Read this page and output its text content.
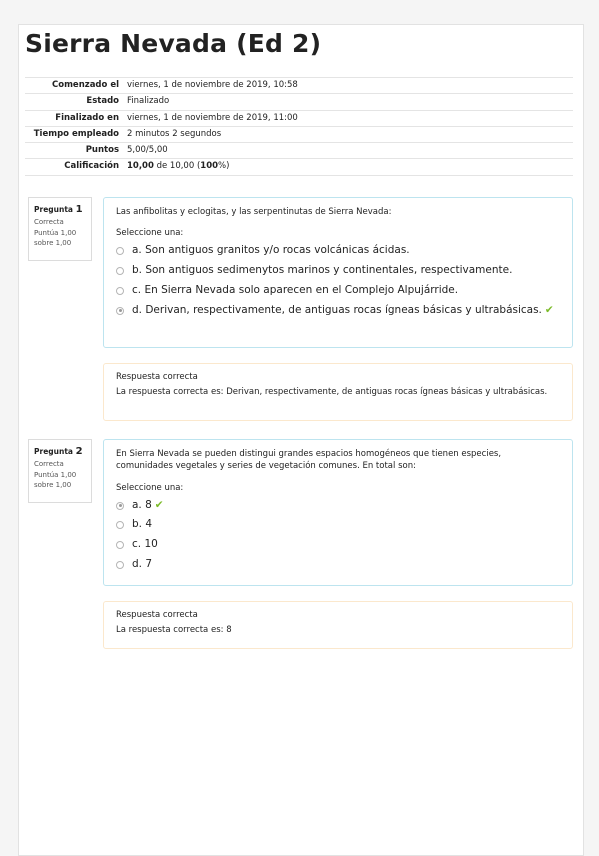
Sierra Nevada (Ed 2)
Comenzado el viernes, 1 de noviembre de 2019, 10:58
Estado Finalizado
Finalizado en viernes, 1 de noviembre de 2019, 11:00
Tiempo empleado 2 minutos 2 segundos
Puntos 5,00/5,00
Calificación 10,00 de 10,00 (100%)
Pregunta 1
Correcta
Puntúa 1,00 sobre 1,00
Las anfibolitas y eclogitas, y las serpentinutas de Sierra Nevada:
Seleccione una:
a. Son antiguos granitos y/o rocas volcánicas ácidas.
b. Son antiguos sedimenytos marinos y continentales, respectivamente.
c. En Sierra Nevada solo aparecen en el Complejo Alpujárride.
d. Derivan, respectivamente, de antiguas rocas ígneas básicas y ultrabásicas. ✔
Respuesta correcta
La respuesta correcta es: Derivan, respectivamente, de antiguas rocas ígneas básicas y ultrabásicas.
Pregunta 2
Correcta
Puntúa 1,00 sobre 1,00
En Sierra Nevada se pueden distingui grandes espacios homogéneos que tienen especies, comunidades vegetales y series de vegetación comunes. En total son:
Seleccione una:
a. 8 ✔
b. 4
c. 10
d. 7
Respuesta correcta
La respuesta correcta es: 8
